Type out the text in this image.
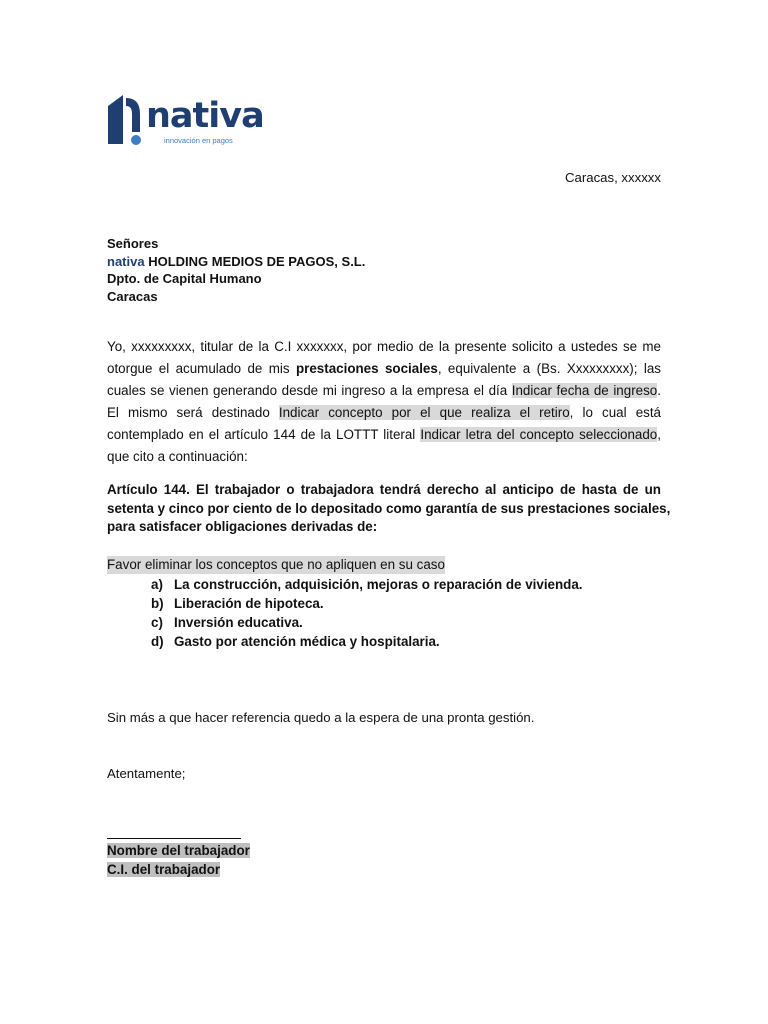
nativa
innovación en pagos
Caracas, xxxxxx
Señores
nativa HOLDING MEDIOS DE PAGOS, S.L.
Dpto. de Capital Humano
Caracas
Yo, xxxxxxxxx, titular de la C.I xxxxxxx, por medio de la presente solicito a ustedes se me
otorgue el acumulado de mis prestaciones sociales, equivalente a (Bs. Xxxxxxxxx); las
cuales se vienen generando desde mi ingreso a la empresa el día Indicar fecha de ingreso.
El mismo será destinado Indicar concepto por el que realiza el retiro, lo cual está
contemplado en el artículo 144 de la LOTTT literal Indicar letra del concepto seleccionado,
que cito a continuación:
Artículo 144. El trabajador o trabajadora tendrá derecho al anticipo de hasta de un
setenta y cinco por ciento de lo depositado como garantía de sus prestaciones sociales,
para satisfacer obligaciones derivadas de:
Favor eliminar los conceptos que no apliquen en su caso
a) La construcción, adquisición, mejoras o reparación de vivienda.
b) Liberación de hipoteca.
c) Inversión educativa.
d) Gasto por atención médica y hospitalaria.
Sin más a que hacer referencia quedo a la espera de una pronta gestión.
Atentamente;
Nombre del trabajador
C.I. del trabajador
